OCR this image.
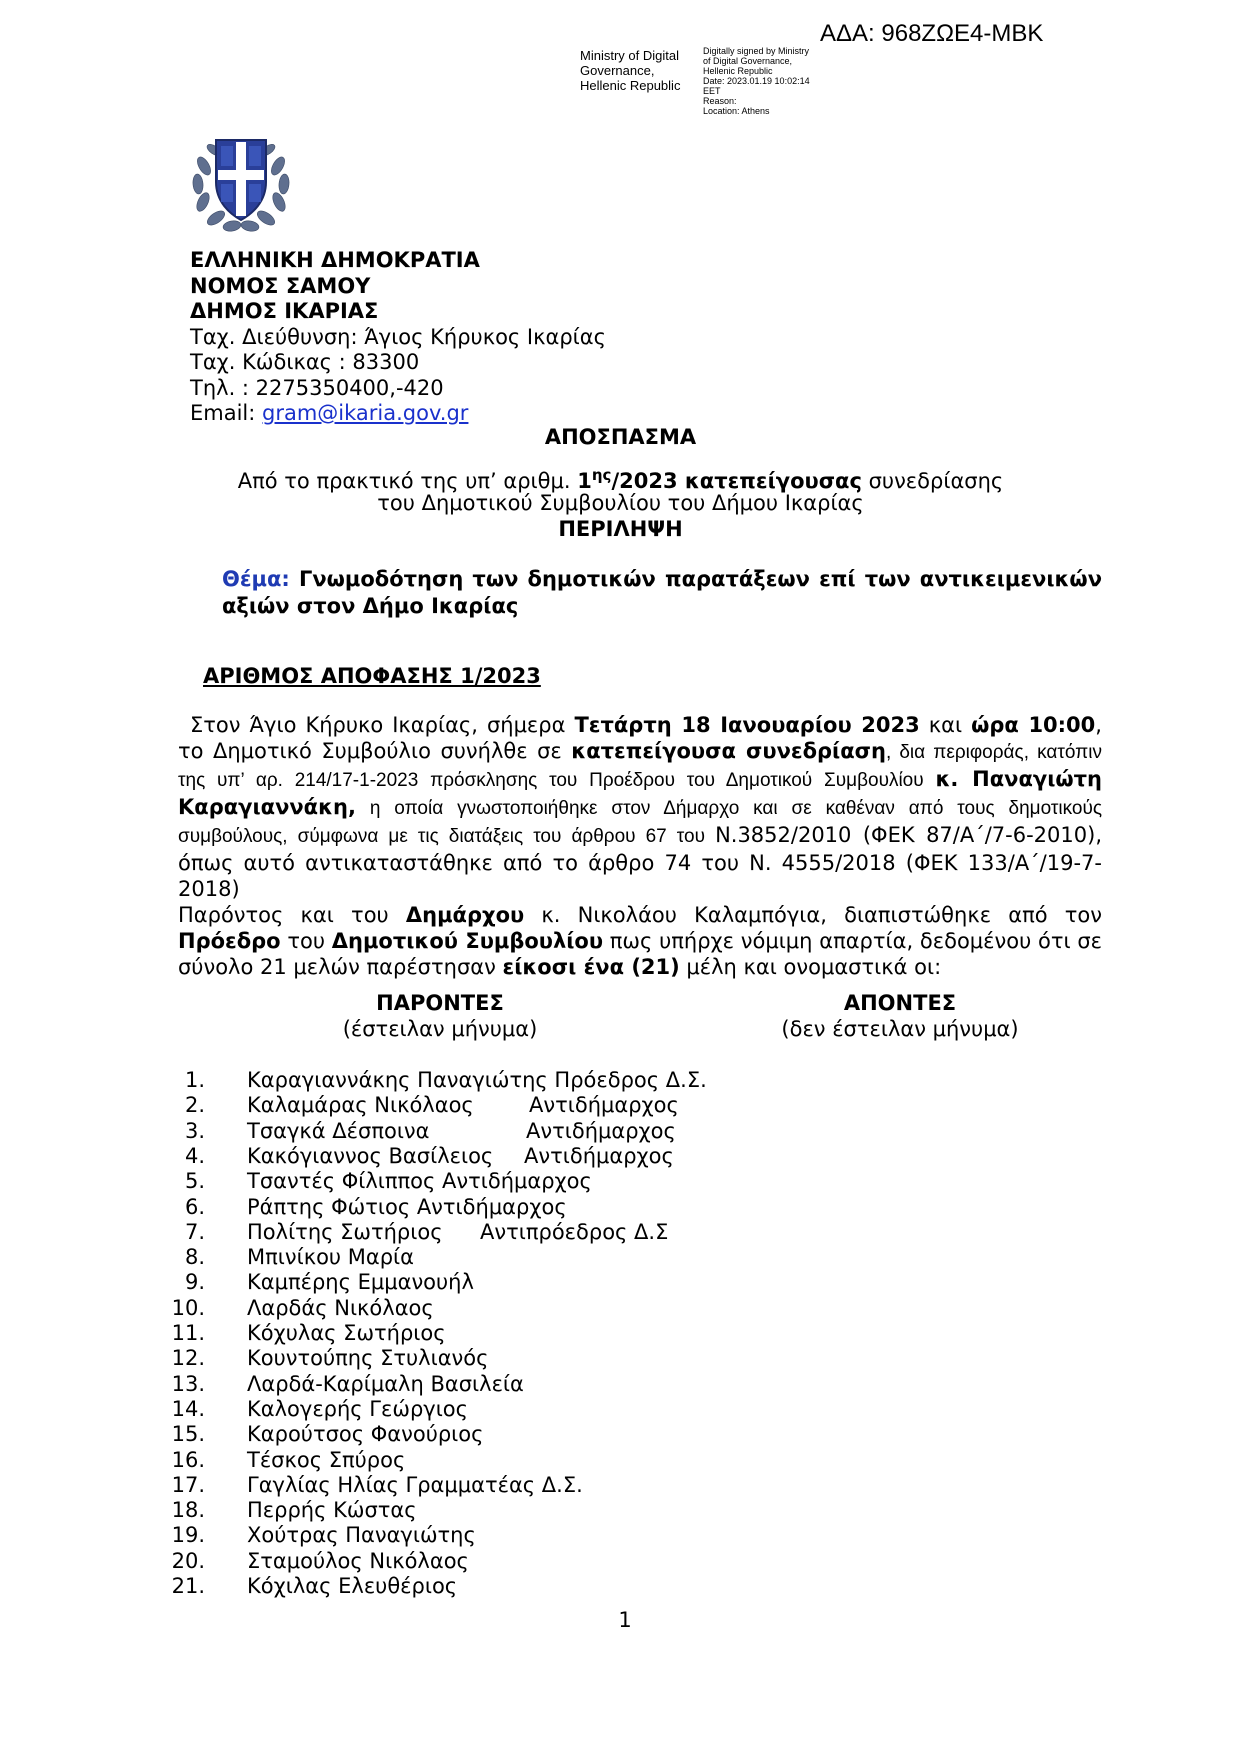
ΑΔΑ: 968ΖΩΕ4-ΜΒΚ
Ministry of Digital
Governance,
Hellenic Republic
Digitally signed by Ministry
of Digital Governance,
Hellenic Republic
Date: 2023.01.19 10:02:14
EET
Reason:
Location: Athens
ΕΛΛΗΝΙΚΗ ΔΗΜΟΚΡΑΤΙΑ
ΝΟΜΟΣ ΣΑΜΟΥ
ΔΗΜΟΣ ΙΚΑΡΙΑΣ
Ταχ. Διεύθυνση: Άγιος Κήρυκος Ικαρίας
Ταχ. Κώδικας : 83300
Τηλ. : 2275350400,-420
Email: gram@ikaria.gov.gr
ΑΠΟΣΠΑΣΜΑ
Από το πρακτικό της υπ’ αριθμ. $1^{\eta\varsigma}/2023$ κατεπείγουσας συνεδρίασης
του Δημοτικού Συμβουλίου του Δήμου Ικαρίας
ΠΕΡΙΛΗΨΗ
Θέμα: Γνωμοδότηση των δημοτικών παρατάξεων επί των αντικειμενικών αξιών στον Δήμο Ικαρίας
ΑΡΙΘΜΟΣ ΑΠΟΦΑΣΗΣ 1/2023

Στον Άγιο Κήρυκο Ικαρίας, σήμερα Τετάρτη 18 Ιανουαρίου 2023 και ώρα 10:00, το Δημοτικό Συμβούλιο συνήλθε σε κατεπείγουσα συνεδρίαση, δια περιφοράς, κατόπιν της υπ’ αρ. 214/17-1-2023 πρόσκλησης του Προέδρου του Δημοτικού Συμβουλίου κ. Παναγιώτη Καραγιαννάκη, η οποία γνωστοποιήθηκε στον Δήμαρχο και σε καθέναν από τους δημοτικούς συμβούλους, σύμφωνα με τις διατάξεις του άρθρου 67 του Ν.3852/2010 (ΦΕΚ 87/Α΄/7-6-2010), όπως αυτό αντικαταστάθηκε από το άρθρο 74 του Ν. 4555/2018 (ΦΕΚ 133/Α΄/19-7-2018)

Παρόντος και του Δημάρχου κ. Νικολάου Καλαμπόγια, διαπιστώθηκε από τον Πρόεδρο του Δημοτικού Συμβουλίου πως υπήρχε νόμιμη απαρτία, δεδομένου ότι σε σύνολο 21 μελών παρέστησαν είκοσι ένα (21) μέλη και ονομαστικά οι:

ΠΑΡΟΝΤΕΣ
(έστειλαν μήνυμα)
ΑΠΟΝΤΕΣ
(δεν έστειλαν μήνυμα)
1. Καραγιαννάκης Παναγιώτης Πρόεδρος Δ.Σ.
2. Καλαμάρας Νικόλαος	Αντιδήμαρχος
3. Τσαγκά Δέσποινα	Αντιδήμαρχος
4. Κακόγιαννος Βασίλειος Αντιδήμαρχος
5. Τσαντές Φίλιππος Αντιδήμαρχος
6. Ράπτης Φώτιος Αντιδήμαρχος
7. Πολίτης Σωτήριος Αντιπρόεδρος Δ.Σ
8. Μπινίκου Μαρία
9. Καμπέρης Εμμανουήλ
10. Λαρδάς Νικόλαος
11. Κόχυλας Σωτήριος
12. Κουντούπης Στυλιανός
13. Λαρδά-Καρίμαλη Βασιλεία
14. Καλογερής Γεώργιος
15. Καρούτσος Φανούριος
16. Τέσκος Σπύρος
17. Γαγλίας Ηλίας Γραμματέας Δ.Σ.
18. Περρής Κώστας
19. Χούτρας Παναγιώτης
20. Σταμούλος Νικόλαος
21. Κόχιλας Ελευθέριος
1
